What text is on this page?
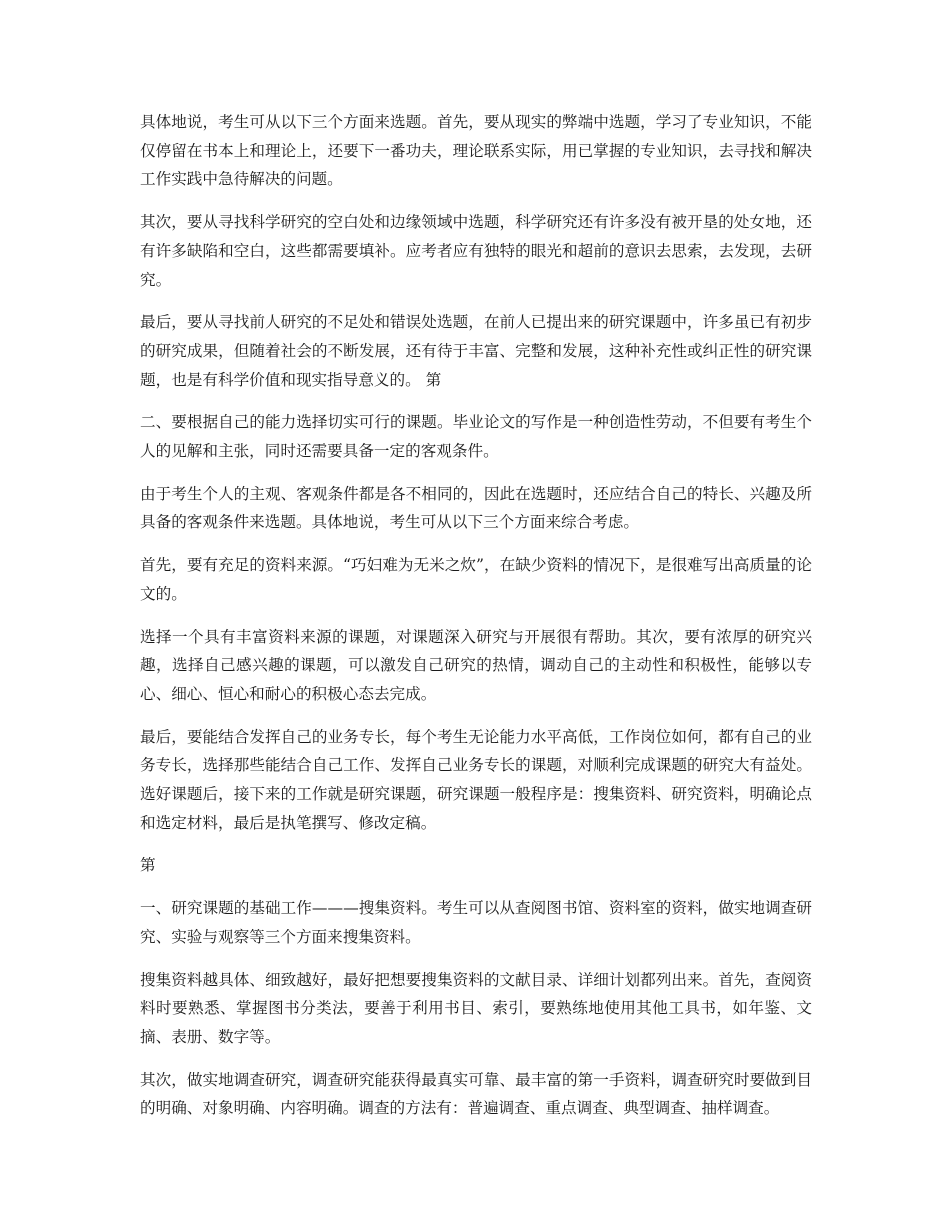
具体地说，考生可从以下三个方面来选题。首先，要从现实的弊端中选题，学习了专业知识，不能仅停留在书本上和理论上，还要下一番功夫，理论联系实际，用已掌握的专业知识，去寻找和解决工作实践中急待解决的问题。

其次，要从寻找科学研究的空白处和边缘领域中选题，科学研究还有许多没有被开垦的处女地，还有许多缺陷和空白，这些都需要填补。应考者应有独特的眼光和超前的意识去思索，去发现，去研究。

最后，要从寻找前人研究的不足处和错误处选题，在前人已提出来的研究课题中，许多虽已有初步的研究成果，但随着社会的不断发展，还有待于丰富、完整和发展，这种补充性或纠正性的研究课题，也是有科学价值和现实指导意义的。 第

二、要根据自己的能力选择切实可行的课题。毕业论文的写作是一种创造性劳动，不但要有考生个人的见解和主张，同时还需要具备一定的客观条件。

由于考生个人的主观、客观条件都是各不相同的，因此在选题时，还应结合自己的特长、兴趣及所具备的客观条件来选题。具体地说，考生可从以下三个方面来综合考虑。

首先，要有充足的资料来源。“巧妇难为无米之炊”，在缺少资料的情况下，是很难写出高质量的论文的。

选择一个具有丰富资料来源的课题，对课题深入研究与开展很有帮助。其次，要有浓厚的研究兴趣，选择自己感兴趣的课题，可以激发自己研究的热情，调动自己的主动性和积极性，能够以专心、细心、恒心和耐心的积极心态去完成。

最后，要能结合发挥自己的业务专长，每个考生无论能力水平高低，工作岗位如何，都有自己的业务专长，选择那些能结合自己工作、发挥自己业务专长的课题，对顺利完成课题的研究大有益处。 选好课题后，接下来的工作就是研究课题，研究课题一般程序是：搜集资料、研究资料，明确论点和选定材料，最后是执笔撰写、修改定稿。

第

一、研究课题的基础工作———搜集资料。考生可以从查阅图书馆、资料室的资料，做实地调查研究、实验与观察等三个方面来搜集资料。

搜集资料越具体、细致越好，最好把想要搜集资料的文献目录、详细计划都列出来。首先，查阅资料时要熟悉、掌握图书分类法，要善于利用书目、索引，要熟练地使用其他工具书，如年鉴、文摘、表册、数字等。

其次，做实地调查研究，调查研究能获得最真实可靠、最丰富的第一手资料，调查研究时要做到目的明确、对象明确、内容明确。调查的方法有：普遍调查、重点调查、典型调查、抽样调查。
